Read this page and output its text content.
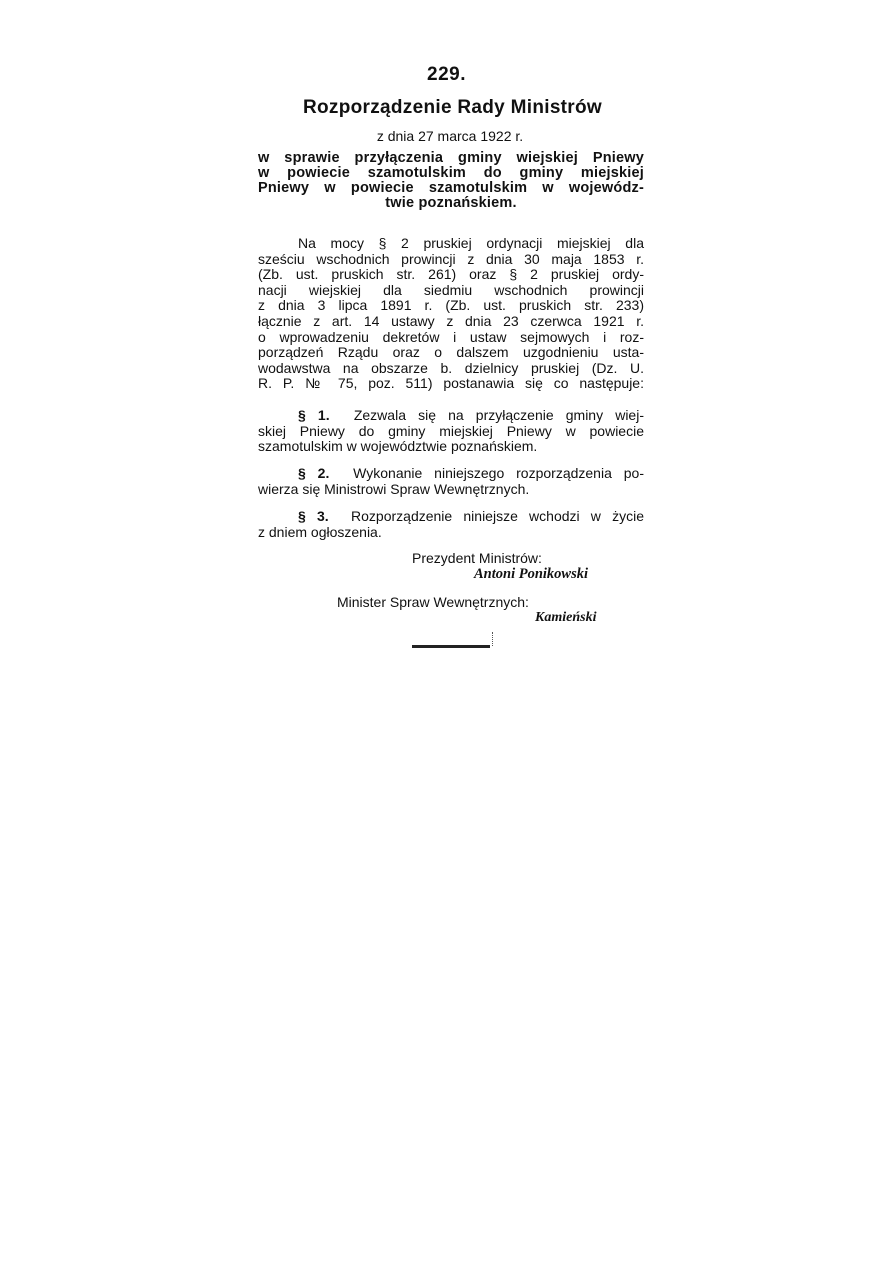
229.
Rozporządzenie Rady Ministrów
z dnia 27 marca 1922 r.
w sprawie przyłączenia gminy wiejskiej Pniewy
w powiecie szamotulskim do gminy miejskiej
Pniewy w powiecie szamotulskim w wojewódz-
twie poznańskiem.
Na mocy § 2 pruskiej ordynacji miejskiej dla
sześciu wschodnich prowincji z dnia 30 maja 1853 r.
(Zb. ust. pruskich str. 261) oraz § 2 pruskiej ordy-
nacji wiejskiej dla siedmiu wschodnich prowincji
z dnia 3 lipca 1891 r. (Zb. ust. pruskich str. 233)
łącznie z art. 14 ustawy z dnia 23 czerwca 1921 r.
o wprowadzeniu dekretów i ustaw sejmowych i roz-
porządzeń Rządu oraz o dalszem uzgodnieniu usta-
wodawstwa na obszarze b. dzielnicy pruskiej (Dz. U.
R. P. № 75, poz. 511) postanawia się co następuje:
§ 1. Zezwala się na przyłączenie gminy wiej-
skiej Pniewy do gminy miejskiej Pniewy w powiecie
szamotulskim w województwie poznańskiem.
§ 2. Wykonanie niniejszego rozporządzenia po-
wierza się Ministrowi Spraw Wewnętrznych.
§ 3. Rozporządzenie niniejsze wchodzi w życie
z dniem ogłoszenia.
Prezydent Ministrów:
Antoni Ponikowski
Minister Spraw Wewnętrznych:
Kamieński
